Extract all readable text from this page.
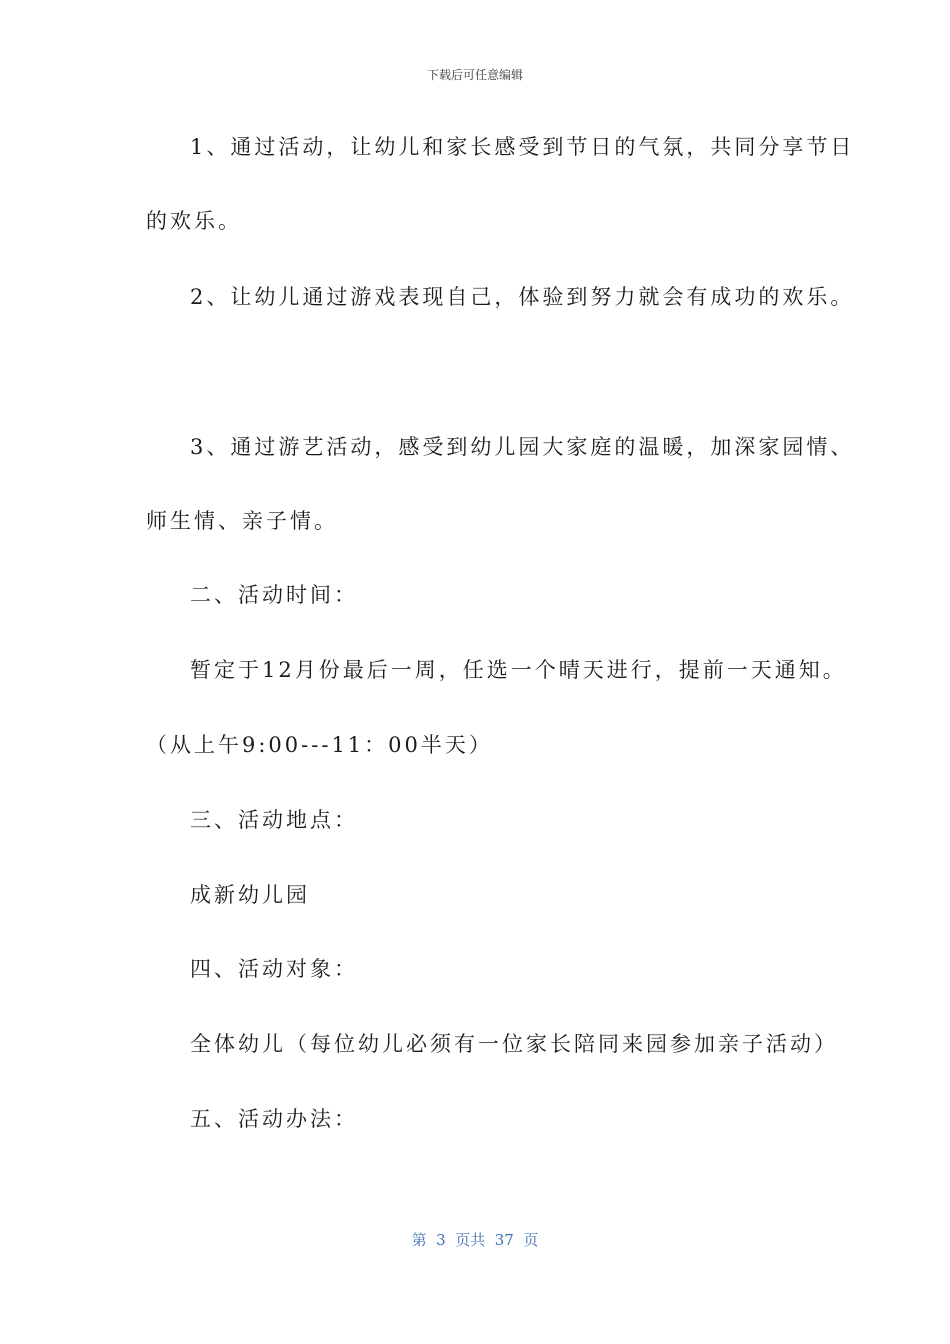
下载后可任意编辑
1、通过活动，让幼儿和家长感受到节日的气氛，共同分享节日
的欢乐。
2、让幼儿通过游戏表现自己，体验到努力就会有成功的欢乐。
3、通过游艺活动，感受到幼儿园大家庭的温暖，加深家园情、
师生情、亲子情。
二、活动时间：
暂定于12月份最后一周，任选一个晴天进行，提前一天通知。
（从上午9:00---11：00半天）
三、活动地点：
成新幼儿园
四、活动对象：
全体幼儿（每位幼儿必须有一位家长陪同来园参加亲子活动）
五、活动办法：
第  3  页共  37  页
